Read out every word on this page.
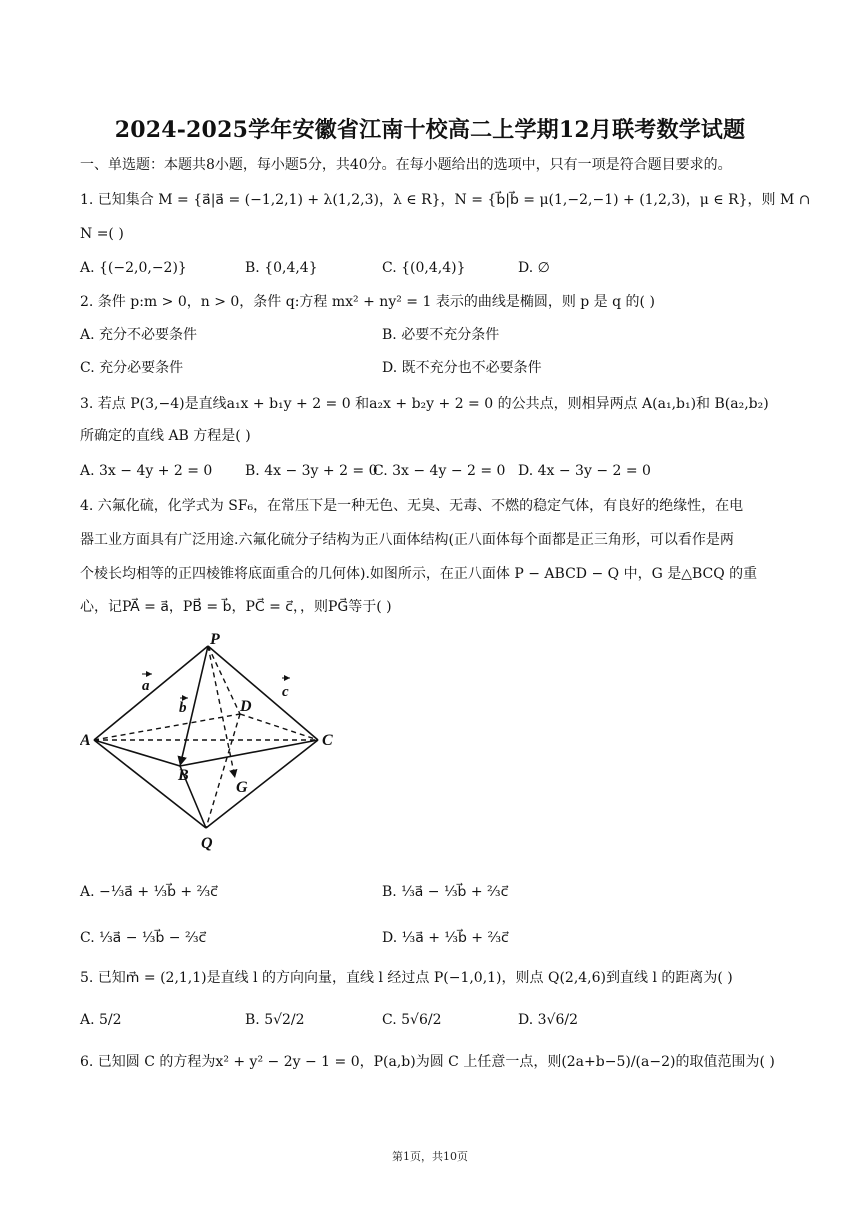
2024-2025学年安徽省江南十校高二上学期12月联考数学试题
一、单选题：本题共8小题，每小题5分，共40分。在每小题给出的选项中，只有一项是符合题目要求的。
1. 已知集合 M = {a⃗|a⃗ = (−1,2,1) + λ(1,2,3)，λ ∈ R}，N = {b⃗|b⃗ = μ(1,−2,−1) + (1,2,3)，μ ∈ R}，则 M ∩
N =( )
A. {(−2,0,−2)}	B. {0,4,4}	C. {(0,4,4)}	D. ∅
2. 条件 p:m > 0，n > 0，条件 q:方程 mx² + ny² = 1 表示的曲线是椭圆，则 p 是 q 的( )
A. 充分不必要条件	B. 必要不充分条件
C. 充分必要条件	D. 既不充分也不必要条件
3. 若点 P(3,−4)是直线a₁x + b₁y + 2 = 0 和a₂x + b₂y + 2 = 0 的公共点，则相异两点 A(a₁,b₁)和 B(a₂,b₂)
所确定的直线 AB 方程是( )
A. 3x − 4y + 2 = 0 B. 4x − 3y + 2 = 0
C. 3x − 4y − 2 = 0 D. 4x − 3y − 2 = 0
4. 六氟化硫，化学式为 SF₆，在常压下是一种无色、无臭、无毒、不燃的稳定气体，有良好的绝缘性，在电
器工业方面具有广泛用途.六氟化硫分子结构为正八面体结构(正八面体每个面都是正三角形，可以看作是两
个棱长均相等的正四棱锥将底面重合的几何体).如图所示，在正八面体 P − ABCD − Q 中，G 是△BCQ 的重
心，记PA⃗ = a⃗，PB⃗ = b⃗，PC⃗ = c⃗，，则PG⃗等于( )
P
A
B
C
D
G
Q
a
b
c
A. −⅓a⃗ + ⅓b⃗ + ⅔c⃗	B. ⅓a⃗ − ⅓b⃗ + ⅔c⃗
C. ⅓a⃗ − ⅓b⃗ − ⅔c⃗	D. ⅓a⃗ + ⅓b⃗ + ⅔c⃗
5. 已知m⃗ = (2,1,1)是直线 l 的方向向量，直线 l 经过点 P(−1,0,1)，则点 Q(2,4,6)到直线 l 的距离为( )
A. 5/2	B. 5√2/2	C. 5√6/2	D. 3√6/2
6. 已知圆 C 的方程为x² + y² − 2y − 1 = 0，P(a,b)为圆 C 上任意一点，则(2a+b−5)/(a−2)的取值范围为( )
第1页，共10页
